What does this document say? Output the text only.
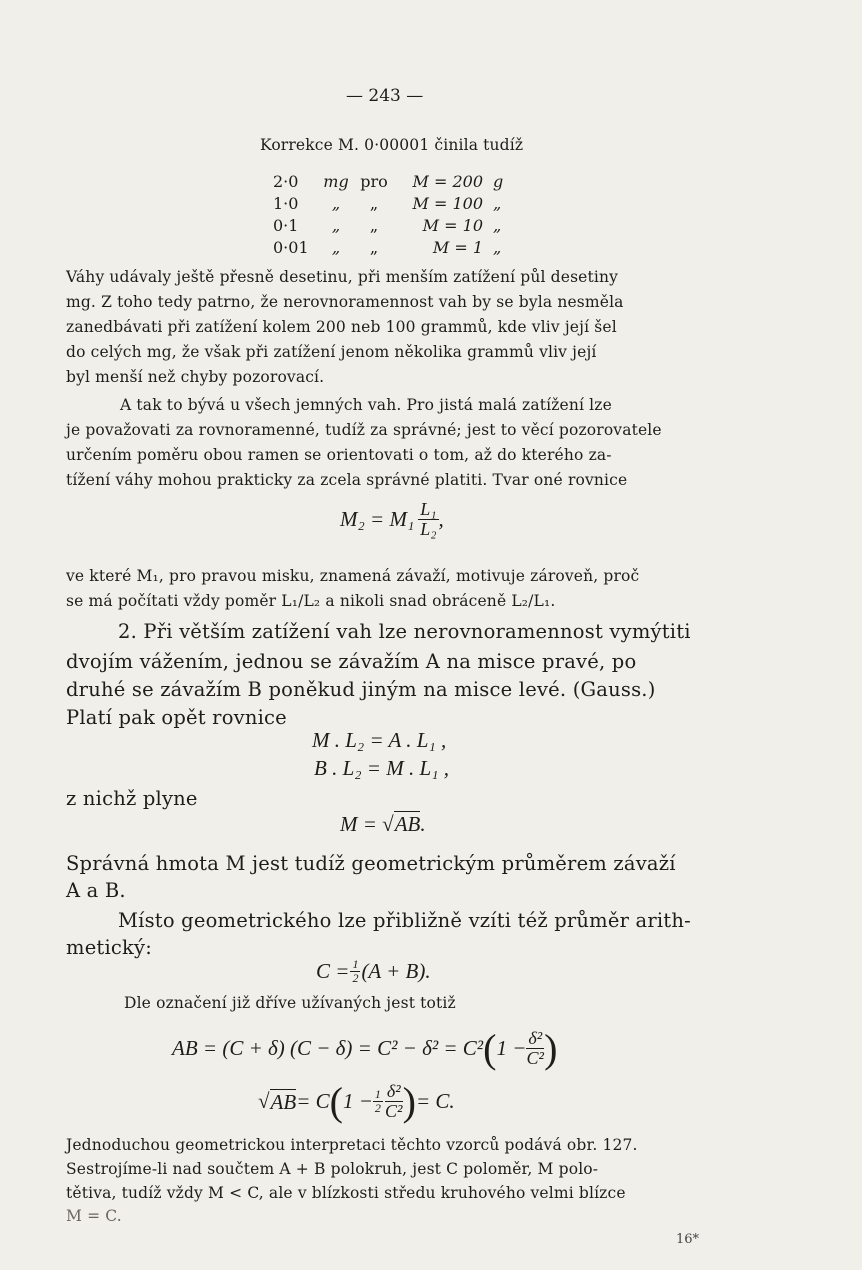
— 243 —
Korrekce M. 0·00001 činila tudíž
2·0	mg	pro	M = 200	g
1·0	„	„	M = 100	„
0·1	„	„	M = 10	„
0·01	„	„	M = 1	„
Váhy udávaly ještě přesně desetinu, při menším zatížení půl desetiny
mg. Z toho tedy patrno, že nerovnoramennost vah by se byla nesměla
zanedbávati při zatížení kolem 200 neb 100 grammů, kde vliv její šel
do celých mg, že však při zatížení jenom několika grammů vliv její
byl menší než chyby pozorovací.
A tak to bývá u všech jemných vah. Pro jistá malá zatížení lze
je považovati za rovnoramenné, tudíž za správné; jest to věcí pozorovatele
určením poměru obou ramen se orientovati o tom, až do kterého za-
tížení váhy mohou prakticky za zcela správné platiti. Tvar oné rovnice
$M_2 = M_1 \frac{\text{L₁}}{\text{L₂}}$ ,
ve které M₁, pro pravou misku, znamená závaží, motivuje zároveň, proč
se má počítati vždy poměr L₁/L₂ a nikoli snad obráceně L₂/L₁.
2. Při větším zatížení vah lze nerovnoramennost vymýtiti
dvojím vážením, jednou se závažím A na misce pravé, po
druhé se závažím B poněkud jiným na misce levé. (Gauss.)
Platí pak opět rovnice
M . L₂ = A . L₁ ,
B . L₂ = M . L₁ ,
z nichž plyne
M = √AB.
Správná hmota M jest tudíž geometrickým průměrem závaží
A a B.
Místo geometrického lze přibližně vzíti též průměr arith-
metický:
$C = \frac{1}{2} (A + B)$.
Dle označení již dříve užívaných jest totiž
AB = (C + δ) (C − δ) = C² − δ² = C² ( $1 - \frac{\text{δ²}}{\text{C²}}$ )
√ AB = C ( $1 - \frac{1}{2} \frac{\text{δ²}}{\text{C²}}$ ) = C.
Jednoduchou geometrickou interpretaci těchto vzorců podává obr. 127.
Sestrojíme-li nad součtem A + B polokruh, jest C poloměr, M polo-
tětiva, tudíž vždy M < C, ale v blízkosti středu kruhového velmi blízce
M = C.
16*
